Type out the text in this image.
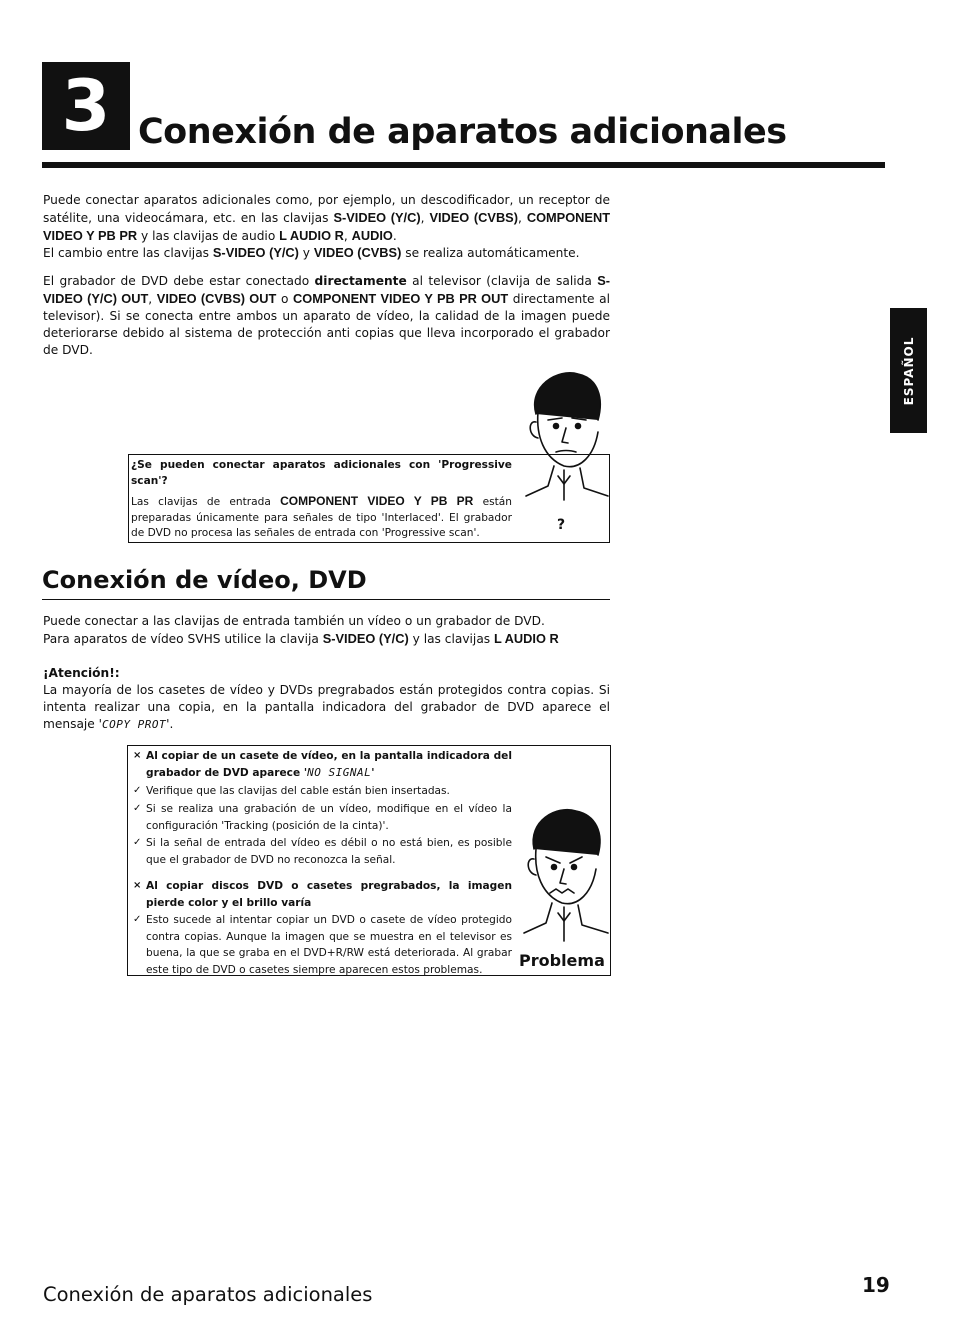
3 Conexión de aparatos adicionales
ESPAÑOL
Puede conectar aparatos adicionales como, por ejemplo, un descodificador, un receptor de satélite, una videocámara, etc. en las clavijas S-VIDEO (Y/C), VIDEO (CVBS), COMPONENT VIDEO Y PB PR y las clavijas de audio L AUDIO R, AUDIO.
El cambio entre las clavijas S-VIDEO (Y/C) y VIDEO (CVBS) se realiza automáticamente.
El grabador de DVD debe estar conectado directamente al televisor (clavija de salida S-VIDEO (Y/C) OUT, VIDEO (CVBS) OUT o COMPONENT VIDEO Y PB PR OUT directamente al televisor). Si se conecta entre ambos un aparato de vídeo, la calidad de la imagen puede deteriorarse debido al sistema de protección anti copias que lleva incorporado el grabador de DVD.
¿Se pueden conectar aparatos adicionales con 'Progressive scan'?
Las clavijas de entrada COMPONENT VIDEO Y PB PR están preparadas únicamente para señales de tipo 'Interlaced'. El grabador de DVD no procesa las señales de entrada con 'Progressive scan'.	?
Conexión de vídeo, DVD
Puede conectar a las clavijas de entrada también un vídeo o un grabador de DVD.
Para aparatos de vídeo SVHS utilice la clavija S-VIDEO (Y/C) y las clavijas L AUDIO R
¡Atención!:
La mayoría de los casetes de vídeo y DVDs pregrabados están protegidos contra copias. Si intenta realizar una copia, en la pantalla indicadora del grabador de DVD aparece el mensaje 'COPY PROT'.
× Al copiar de un casete de vídeo, en la pantalla indicadora del grabador de DVD aparece 'NO SIGNAL'
✓ Verifique que las clavijas del cable están bien insertadas.
✓ Si se realiza una grabación de un vídeo, modifique en el vídeo la configuración 'Tracking (posición de la cinta)'.
✓ Si la señal de entrada del vídeo es débil o no está bien, es posible que el grabador de DVD no reconozca la señal.
× Al copiar discos DVD o casetes pregrabados, la imagen pierde color y el brillo varía
✓ Esto sucede al intentar copiar un DVD o casete de vídeo protegido contra copias. Aunque la imagen que se muestra en el televisor es buena, la que se graba en el DVD+R/RW está deteriorada. Al grabar este tipo de DVD o casetes siempre aparecen estos problemas.	Problema
Conexión de aparatos adicionales	19
